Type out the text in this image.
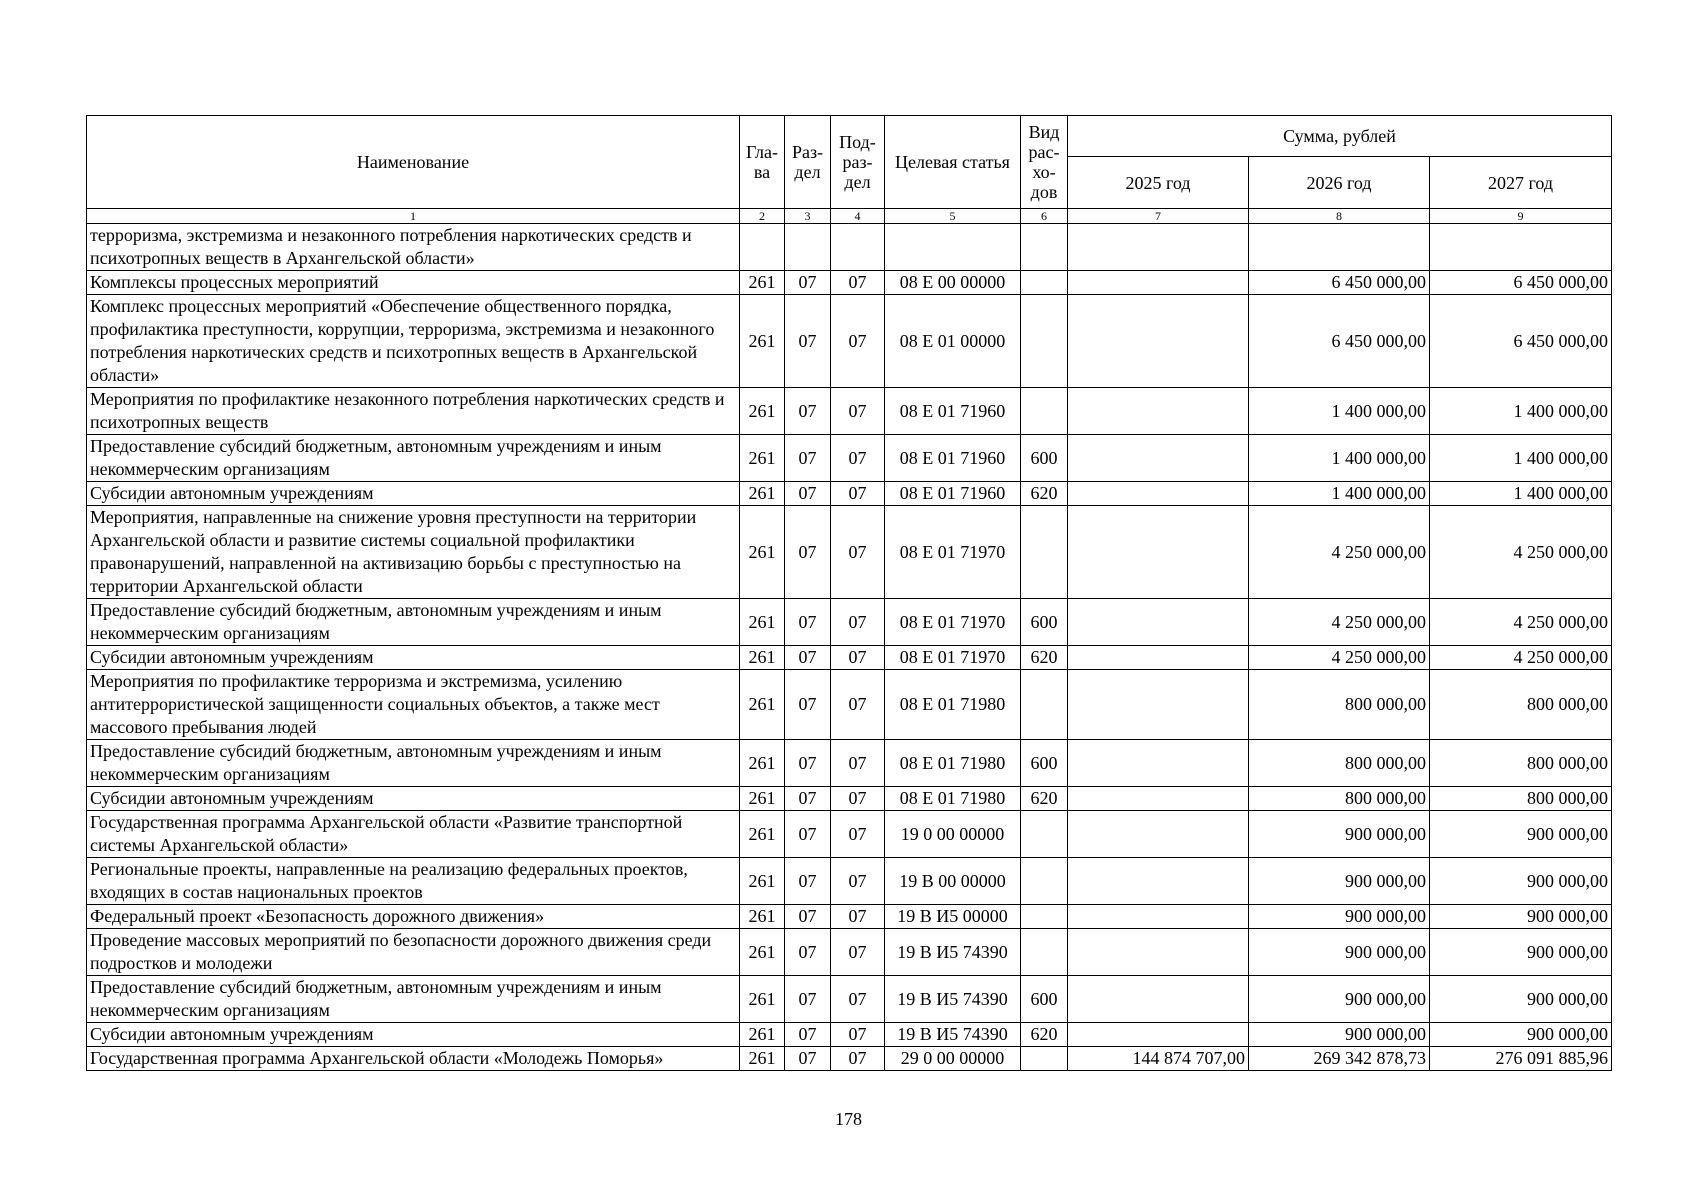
Наименование	Гла-ва	Раз-дел	Под-раз-дел	Целевая статья	Вид рас-хо-дов	Сумма, рублей		
						2025 год	2026 год	2027 год
1	2	3	4	5	6	7	8	9
терроризма, экстремизма и незаконного потребления наркотических средств и психотропных веществ в Архангельской области»								
Комплексы процессных мероприятий	261	07	07	08 Е 00 00000			6 450 000,00	6 450 000,00
Комплекс процессных мероприятий «Обеспечение общественного порядка, профилактика преступности, коррупции, терроризма, экстремизма и незаконного потребления наркотических средств и психотропных веществ в Архангельской области»	261	07	07	08 Е 01 00000			6 450 000,00	6 450 000,00
Мероприятия по профилактике незаконного потребления наркотических средств и психотропных веществ	261	07	07	08 Е 01 71960			1 400 000,00	1 400 000,00
Предоставление субсидий бюджетным, автономным учреждениям и иным некоммерческим организациям	261	07	07	08 Е 01 71960	600		1 400 000,00	1 400 000,00
Субсидии автономным учреждениям	261	07	07	08 Е 01 71960	620		1 400 000,00	1 400 000,00
Мероприятия, направленные на снижение уровня преступности на территории Архангельской области и развитие системы социальной профилактики правонарушений, направленной на активизацию борьбы с преступностью на территории Архангельской области	261	07	07	08 Е 01 71970			4 250 000,00	4 250 000,00
Предоставление субсидий бюджетным, автономным учреждениям и иным некоммерческим организациям	261	07	07	08 Е 01 71970	600		4 250 000,00	4 250 000,00
Субсидии автономным учреждениям	261	07	07	08 Е 01 71970	620		4 250 000,00	4 250 000,00
Мероприятия по профилактике терроризма и экстремизма, усилению антитеррористической защищенности социальных объектов, а также мест массового пребывания людей	261	07	07	08 Е 01 71980			800 000,00	800 000,00
Предоставление субсидий бюджетным, автономным учреждениям и иным некоммерческим организациям	261	07	07	08 Е 01 71980	600		800 000,00	800 000,00
Субсидии автономным учреждениям	261	07	07	08 Е 01 71980	620		800 000,00	800 000,00
Государственная программа Архангельской области «Развитие транспортной системы Архангельской области»	261	07	07	19 0 00 00000			900 000,00	900 000,00
Региональные проекты, направленные на реализацию федеральных проектов, входящих в состав национальных проектов	261	07	07	19 В 00 00000			900 000,00	900 000,00
Федеральный проект «Безопасность дорожного движения»	261	07	07	19 В И5 00000			900 000,00	900 000,00
Проведение массовых мероприятий по безопасности дорожного движения среди подростков и молодежи	261	07	07	19 В И5 74390			900 000,00	900 000,00
Предоставление субсидий бюджетным, автономным учреждениям и иным некоммерческим организациям	261	07	07	19 В И5 74390	600		900 000,00	900 000,00
Субсидии автономным учреждениям	261	07	07	19 В И5 74390	620		900 000,00	900 000,00
Государственная программа Архангельской области «Молодежь Поморья»	261	07	07	29 0 00 00000		144 874 707,00	269 342 878,73	276 091 885,96
178
